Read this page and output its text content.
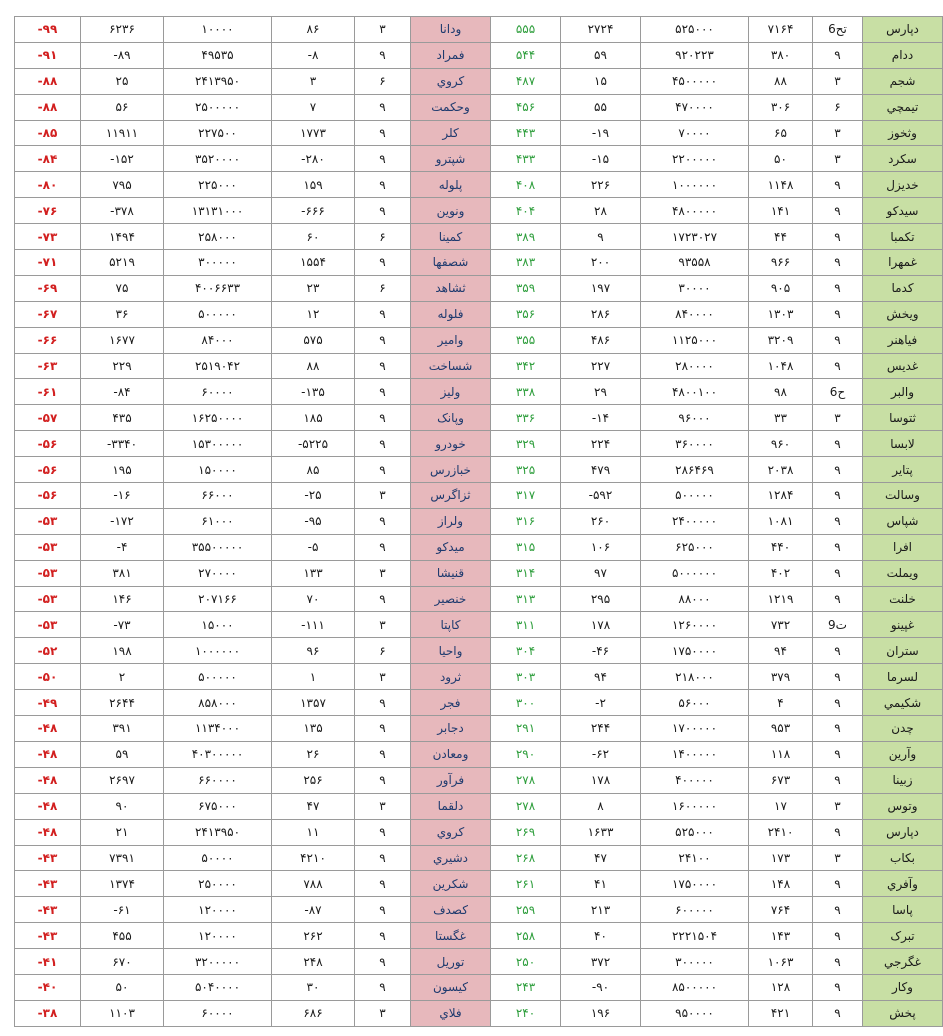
-۹۹	۶۲۳۶	۱۰۰۰۰	۸۶	۳	ودانا	۵۵۵	۲۷۲۴	۵۲۵۰۰۰	۷۱۶۴	6تح	دپارس
-۹۱	-۸۹	۴۹۵۳۵	-۸	۹	فمراد	۵۴۴	۵۹	۹۲۰۲۲۳	۳۸۰	۹	ددام
-۸۸	۲۵	۲۴۱۳۹۵۰	۳	۶	کروي	۴۸۷	۱۵	۴۵۰۰۰۰۰	۸۸	۳	شجم
-۸۸	۵۶	۲۵۰۰۰۰۰	۷	۹	وحکمت	۴۵۶	۵۵	۴۷۰۰۰۰	۳۰۶	۶	تیمچي
-۸۵	۱۱۹۱۱	۲۲۷۵۰۰	۱۷۷۳	۹	کلر	۴۴۳	-۱۹	۷۰۰۰۰	۶۵	۳	وثخوز
-۸۴	-۱۵۲	۳۵۲۰۰۰۰	-۲۸۰	۹	شپترو	۴۳۳	-۱۵	۲۲۰۰۰۰۰	۵۰	۳	سکرد
-۸۰	۷۹۵	۲۲۵۰۰۰	۱۵۹	۹	پلوله	۴۰۸	۲۲۶	۱۰۰۰۰۰۰	۱۱۴۸	۹	خدیزل
-۷۶	-۳۷۸	۱۳۱۳۱۰۰۰	-۶۶۶	۹	ونوين	۴۰۴	۲۸	۴۸۰۰۰۰۰	۱۴۱	۹	سیدکو
-۷۳	۱۴۹۴	۲۵۸۰۰۰	۶۰	۶	کمینا	۳۸۹	۹	۱۷۲۳۰۲۷	۴۴	۹	تکمبا
-۷۱	۵۲۱۹	۳۰۰۰۰۰	۱۵۵۴	۹	شصفها	۳۸۳	۲۰۰	۹۳۵۵۸	۹۶۶	۹	غمهرا
-۶۹	۷۵	۴۰۰۶۶۳۳	۲۳	۶	ثشاهد	۳۵۹	۱۹۷	۳۰۰۰۰	۹۰۵	۹	کدما
-۶۷	۳۶	۵۰۰۰۰۰	۱۲	۹	فلوله	۳۵۶	۲۸۶	۸۴۰۰۰۰	۱۳۰۳	۹	ویخش
-۶۶	۱۶۷۷	۸۴۰۰۰	۵۷۵	۹	وامیر	۳۵۵	۴۸۶	۱۱۲۵۰۰۰	۳۲۰۹	۹	فیاهنر
-۶۳	۲۲۹	۲۵۱۹۰۴۲	۸۸	۹	شساخت	۳۴۲	۲۲۷	۲۸۰۰۰۰	۱۰۴۸	۹	غدیس
-۶۱	-۸۴	۶۰۰۰۰	-۱۳۵	۹	ولیز	۳۳۸	۲۹	۴۸۰۰۱۰۰	۹۸	6ح	والبر
-۵۷	۴۳۵	۱۶۲۵۰۰۰۰	۱۸۵	۹	وپانک	۳۳۶	-۱۴	۹۶۰۰۰	۳۳	۳	ثتوسا
-۵۶	-۳۳۴۰	۱۵۳۰۰۰۰۰	-۵۲۲۵	۹	خودرو	۳۲۹	۲۲۴	۳۶۰۰۰۰	۹۶۰	۹	لابسا
-۵۶	۱۹۵	۱۵۰۰۰۰	۸۵	۹	خبازرس	۳۲۵	۴۷۹	۲۸۶۴۶۹	۲۰۳۸	۹	پتایر
-۵۶	-۱۶	۶۶۰۰۰	-۲۵	۳	ثزاگرس	۳۱۷	-۵۹۲	۵۰۰۰۰۰	۱۲۸۴	۹	وسالت
-۵۳	-۱۷۲	۶۱۰۰۰	-۹۵	۹	ولراز	۳۱۶	۲۶۰	۲۴۰۰۰۰۰	۱۰۸۱	۹	شپاس
-۵۳	-۴	۳۵۵۰۰۰۰۰	-۵	۹	میدکو	۳۱۵	۱۰۶	۶۲۵۰۰۰	۴۴۰	۹	افرا
-۵۳	۳۸۱	۲۷۰۰۰۰	۱۳۳	۳	قنیشا	۳۱۴	۹۷	۵۰۰۰۰۰۰	۴۰۲	۹	ویملت
-۵۳	۱۴۶	۲۰۷۱۶۶	۷۰	۹	خنصیر	۳۱۳	۲۹۵	۸۸۰۰۰	۱۲۱۹	۹	خلنت
-۵۳	-۷۳	۱۵۰۰۰	-۱۱۱	۳	کاپتا	۳۱۱	۱۷۸	۱۲۶۰۰۰۰	۷۳۲	9ت	غپینو
-۵۲	۱۹۸	۱۰۰۰۰۰۰	۹۶	۶	واحیا	۳۰۴	-۴۶	۱۷۵۰۰۰۰	۹۴	۹	ستران
-۵۰	۲	۵۰۰۰۰۰	۱	۳	ثرود	۳۰۳	۹۴	۲۱۸۰۰۰	۳۷۹	۹	لسرما
-۴۹	۲۶۴۴	۸۵۸۰۰۰	۱۳۵۷	۹	فجر	۳۰۰	-۲	۵۶۰۰۰	۴	۹	شکیمي
-۴۸	۳۹۱	۱۱۳۴۰۰۰	۱۳۵	۹	دجابر	۲۹۱	۲۴۴	۱۷۰۰۰۰۰	۹۵۳	۹	چدن
-۴۸	۵۹	۴۰۳۰۰۰۰۰	۲۶	۹	ومعادن	۲۹۰	-۶۲	۱۴۰۰۰۰۰	۱۱۸	۹	وآرین
-۴۸	۲۶۹۷	۶۶۰۰۰۰	۲۵۶	۹	فرآور	۲۷۸	۱۷۸	۴۰۰۰۰۰	۶۷۳	۹	زبینا
-۴۸	۹۰	۶۷۵۰۰۰	۴۷	۳	دلقما	۲۷۸	۸	۱۶۰۰۰۰۰	۱۷	۳	وتوس
-۴۸	۲۱	۲۴۱۳۹۵۰	۱۱	۹	کروي	۲۶۹	۱۶۳۳	۵۲۵۰۰۰	۲۴۱۰	۹	دپارس
-۴۳	۷۳۹۱	۵۰۰۰۰	۴۲۱۰	۹	دشیري	۲۶۸	۴۷	۲۴۱۰۰	۱۷۳	۳	بکاب
-۴۳	۱۳۷۴	۲۵۰۰۰۰	۷۸۸	۹	شکرین	۲۶۱	۴۱	۱۷۵۰۰۰۰	۱۴۸	۹	وآفري
-۴۳	-۶۱	۱۲۰۰۰۰	-۸۷	۹	کصدف	۲۵۹	۲۱۳	۶۰۰۰۰۰	۷۶۴	۹	پاسا
-۴۳	۴۵۵	۱۲۰۰۰۰	۲۶۲	۹	غگستا	۲۵۸	۴۰	۲۲۲۱۵۰۴	۱۴۳	۹	تبرک
-۴۱	۶۷۰	۳۲۰۰۰۰۰	۲۴۸	۹	توریل	۲۵۰	۳۷۲	۳۰۰۰۰۰	۱۰۶۳	۹	غگرجي
-۴۰	۵۰	۵۰۴۰۰۰۰	۳۰	۹	کیسون	۲۴۳	-۹۰	۸۵۰۰۰۰۰	۱۲۸	۹	وکار
-۳۸	۱۱۰۳	۶۰۰۰۰	۶۸۶	۳	فلاي	۲۴۰	۱۹۶	۹۵۰۰۰۰	۴۲۱	۹	پخش
